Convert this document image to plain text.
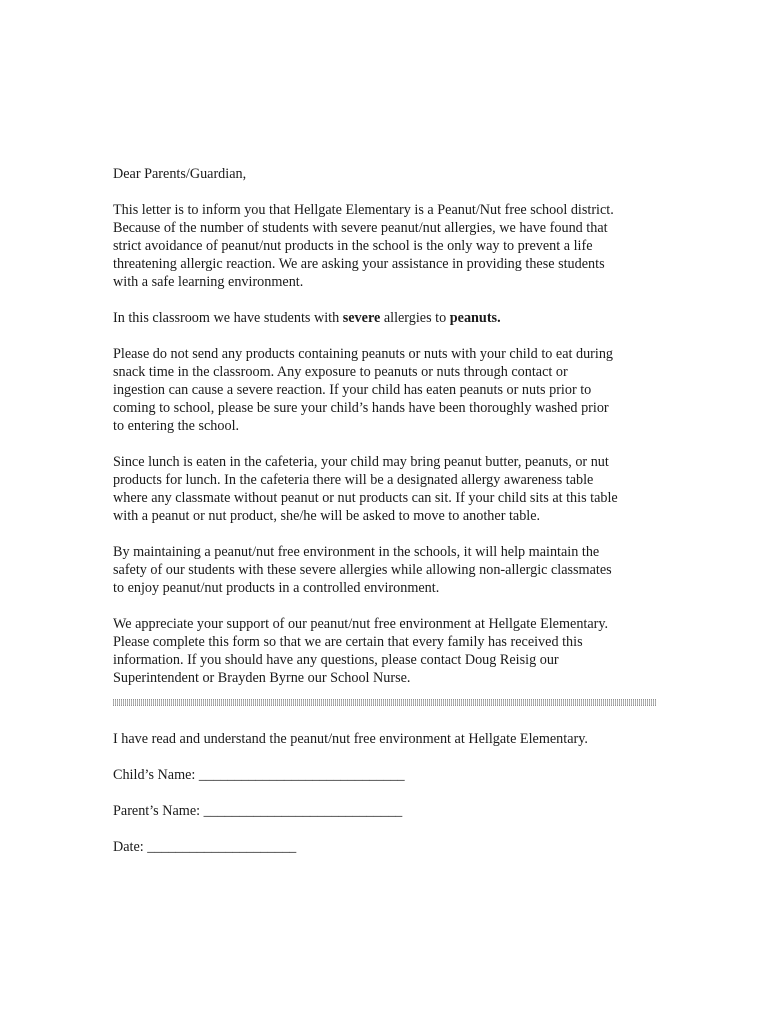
Dear Parents/Guardian,

This letter is to inform you that Hellgate Elementary is a Peanut/Nut free school district.
Because of the number of students with severe peanut/nut allergies, we have found that
strict avoidance of peanut/nut products in the school is the only way to prevent a life
threatening allergic reaction. We are asking your assistance in providing these students
with a safe learning environment.

In this classroom we have students with severe allergies to peanuts.

Please do not send any products containing peanuts or nuts with your child to eat during
snack time in the classroom. Any exposure to peanuts or nuts through contact or
ingestion can cause a severe reaction. If your child has eaten peanuts or nuts prior to
coming to school, please be sure your child’s hands have been thoroughly washed prior
to entering the school.

Since lunch is eaten in the cafeteria, your child may bring peanut butter, peanuts, or nut
products for lunch. In the cafeteria there will be a designated allergy awareness table
where any classmate without peanut or nut products can sit. If your child sits at this table
with a peanut or nut product, she/he will be asked to move to another table.

By maintaining a peanut/nut free environment in the schools, it will help maintain the
safety of our students with these severe allergies while allowing non-allergic classmates
to enjoy peanut/nut products in a controlled environment.

We appreciate your support of our peanut/nut free environment at Hellgate Elementary.
Please complete this form so that we are certain that every family has received this
information. If you should have any questions, please contact Doug Reisig our
Superintendent or Brayden Byrne our School Nurse.

I have read and understand the peanut/nut free environment at Hellgate Elementary.

Child’s Name: _____________________________

Parent’s Name: ____________________________

Date: _____________________
